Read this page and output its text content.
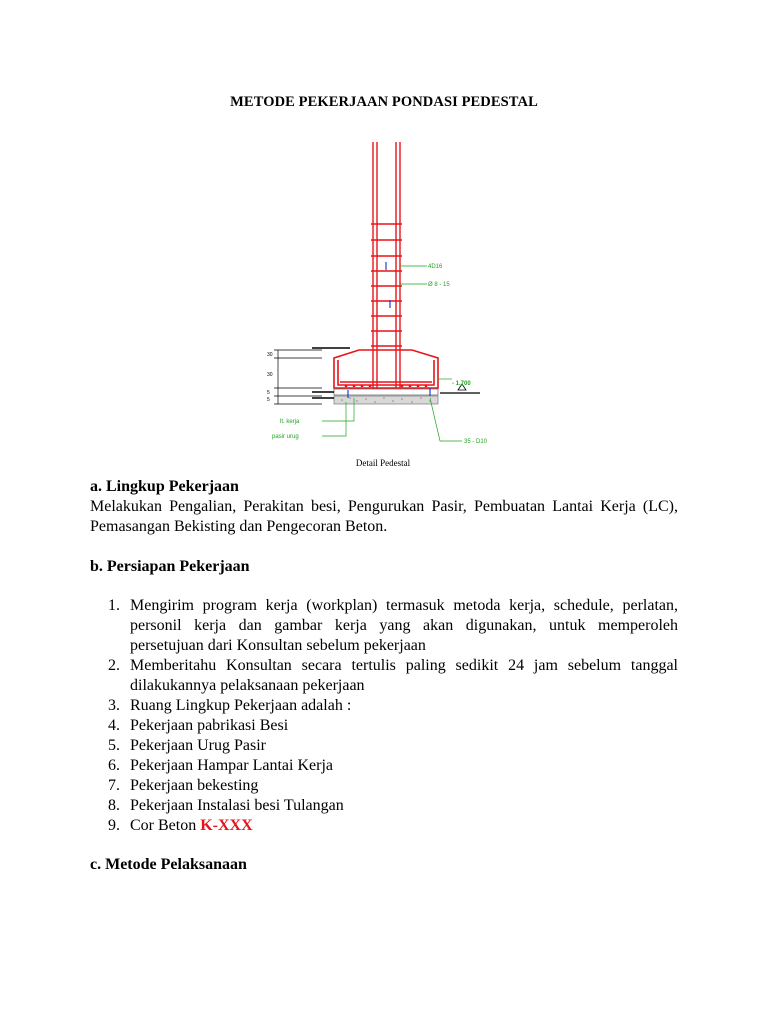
METODE PEKERJAAN PONDASI PEDESTAL
30
30
5
5
4D16
Ø 8 - 15
- 1.700
lt. kerja
pasir urug
35 - D10
Detail Pedestal
a. Lingkup Pekerjaan
Melakukan Pengalian, Perakitan besi, Pengurukan Pasir, Pembuatan Lantai Kerja (LC), Pemasangan Bekisting dan Pengecoran Beton.
b. Persiapan Pekerjaan
1. Mengirim program kerja (workplan) termasuk metoda kerja, schedule, perlatan, personil kerja dan gambar kerja yang akan digunakan, untuk memperoleh persetujuan dari Konsultan sebelum pekerjaan
2. Memberitahu Konsultan secara tertulis paling sedikit 24 jam sebelum tanggal dilakukannya pelaksanaan pekerjaan
3. Ruang Lingkup Pekerjaan adalah :
4. Pekerjaan pabrikasi Besi
5. Pekerjaan Urug Pasir
6. Pekerjaan Hampar Lantai Kerja
7. Pekerjaan bekesting
8. Pekerjaan Instalasi besi Tulangan
9. Cor Beton K-XXX
c. Metode Pelaksanaan
